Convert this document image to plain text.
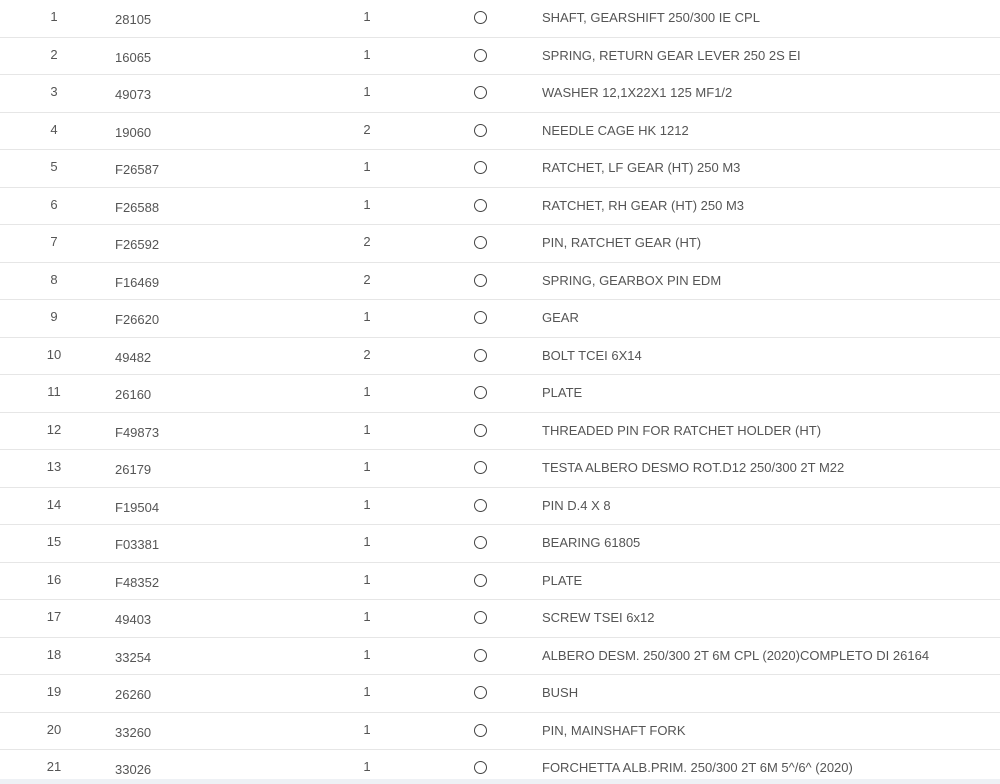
1	28105	1	SHAFT, GEARSHIFT 250/300 IE CPL
2	16065	1	SPRING, RETURN GEAR LEVER 250 2S EI
3	49073	1	WASHER 12,1X22X1 125 MF1/2
4	19060	2	NEEDLE CAGE HK 1212
5	F26587	1	RATCHET, LF GEAR (HT) 250 M3
6	F26588	1	RATCHET, RH GEAR (HT) 250 M3
7	F26592	2	PIN, RATCHET GEAR (HT)
8	F16469	2	SPRING, GEARBOX PIN EDM
9	F26620	1	GEAR
10	49482	2	BOLT TCEI 6X14
11	26160	1	PLATE
12	F49873	1	THREADED PIN FOR RATCHET HOLDER (HT)
13	26179	1	TESTA ALBERO DESMO ROT.D12 250/300 2T M22
14	F19504	1	PIN D.4 X 8
15	F03381	1	BEARING 61805
16	F48352	1	PLATE
17	49403	1	SCREW TSEI 6x12
18	33254	1	ALBERO DESM. 250/300 2T 6M CPL (2020)COMPLETO DI 26164
19	26260	1	BUSH
20	33260	1	PIN, MAINSHAFT FORK
21	33026	1	FORCHETTA ALB.PRIM. 250/300 2T 6M 5^/6^ (2020)
